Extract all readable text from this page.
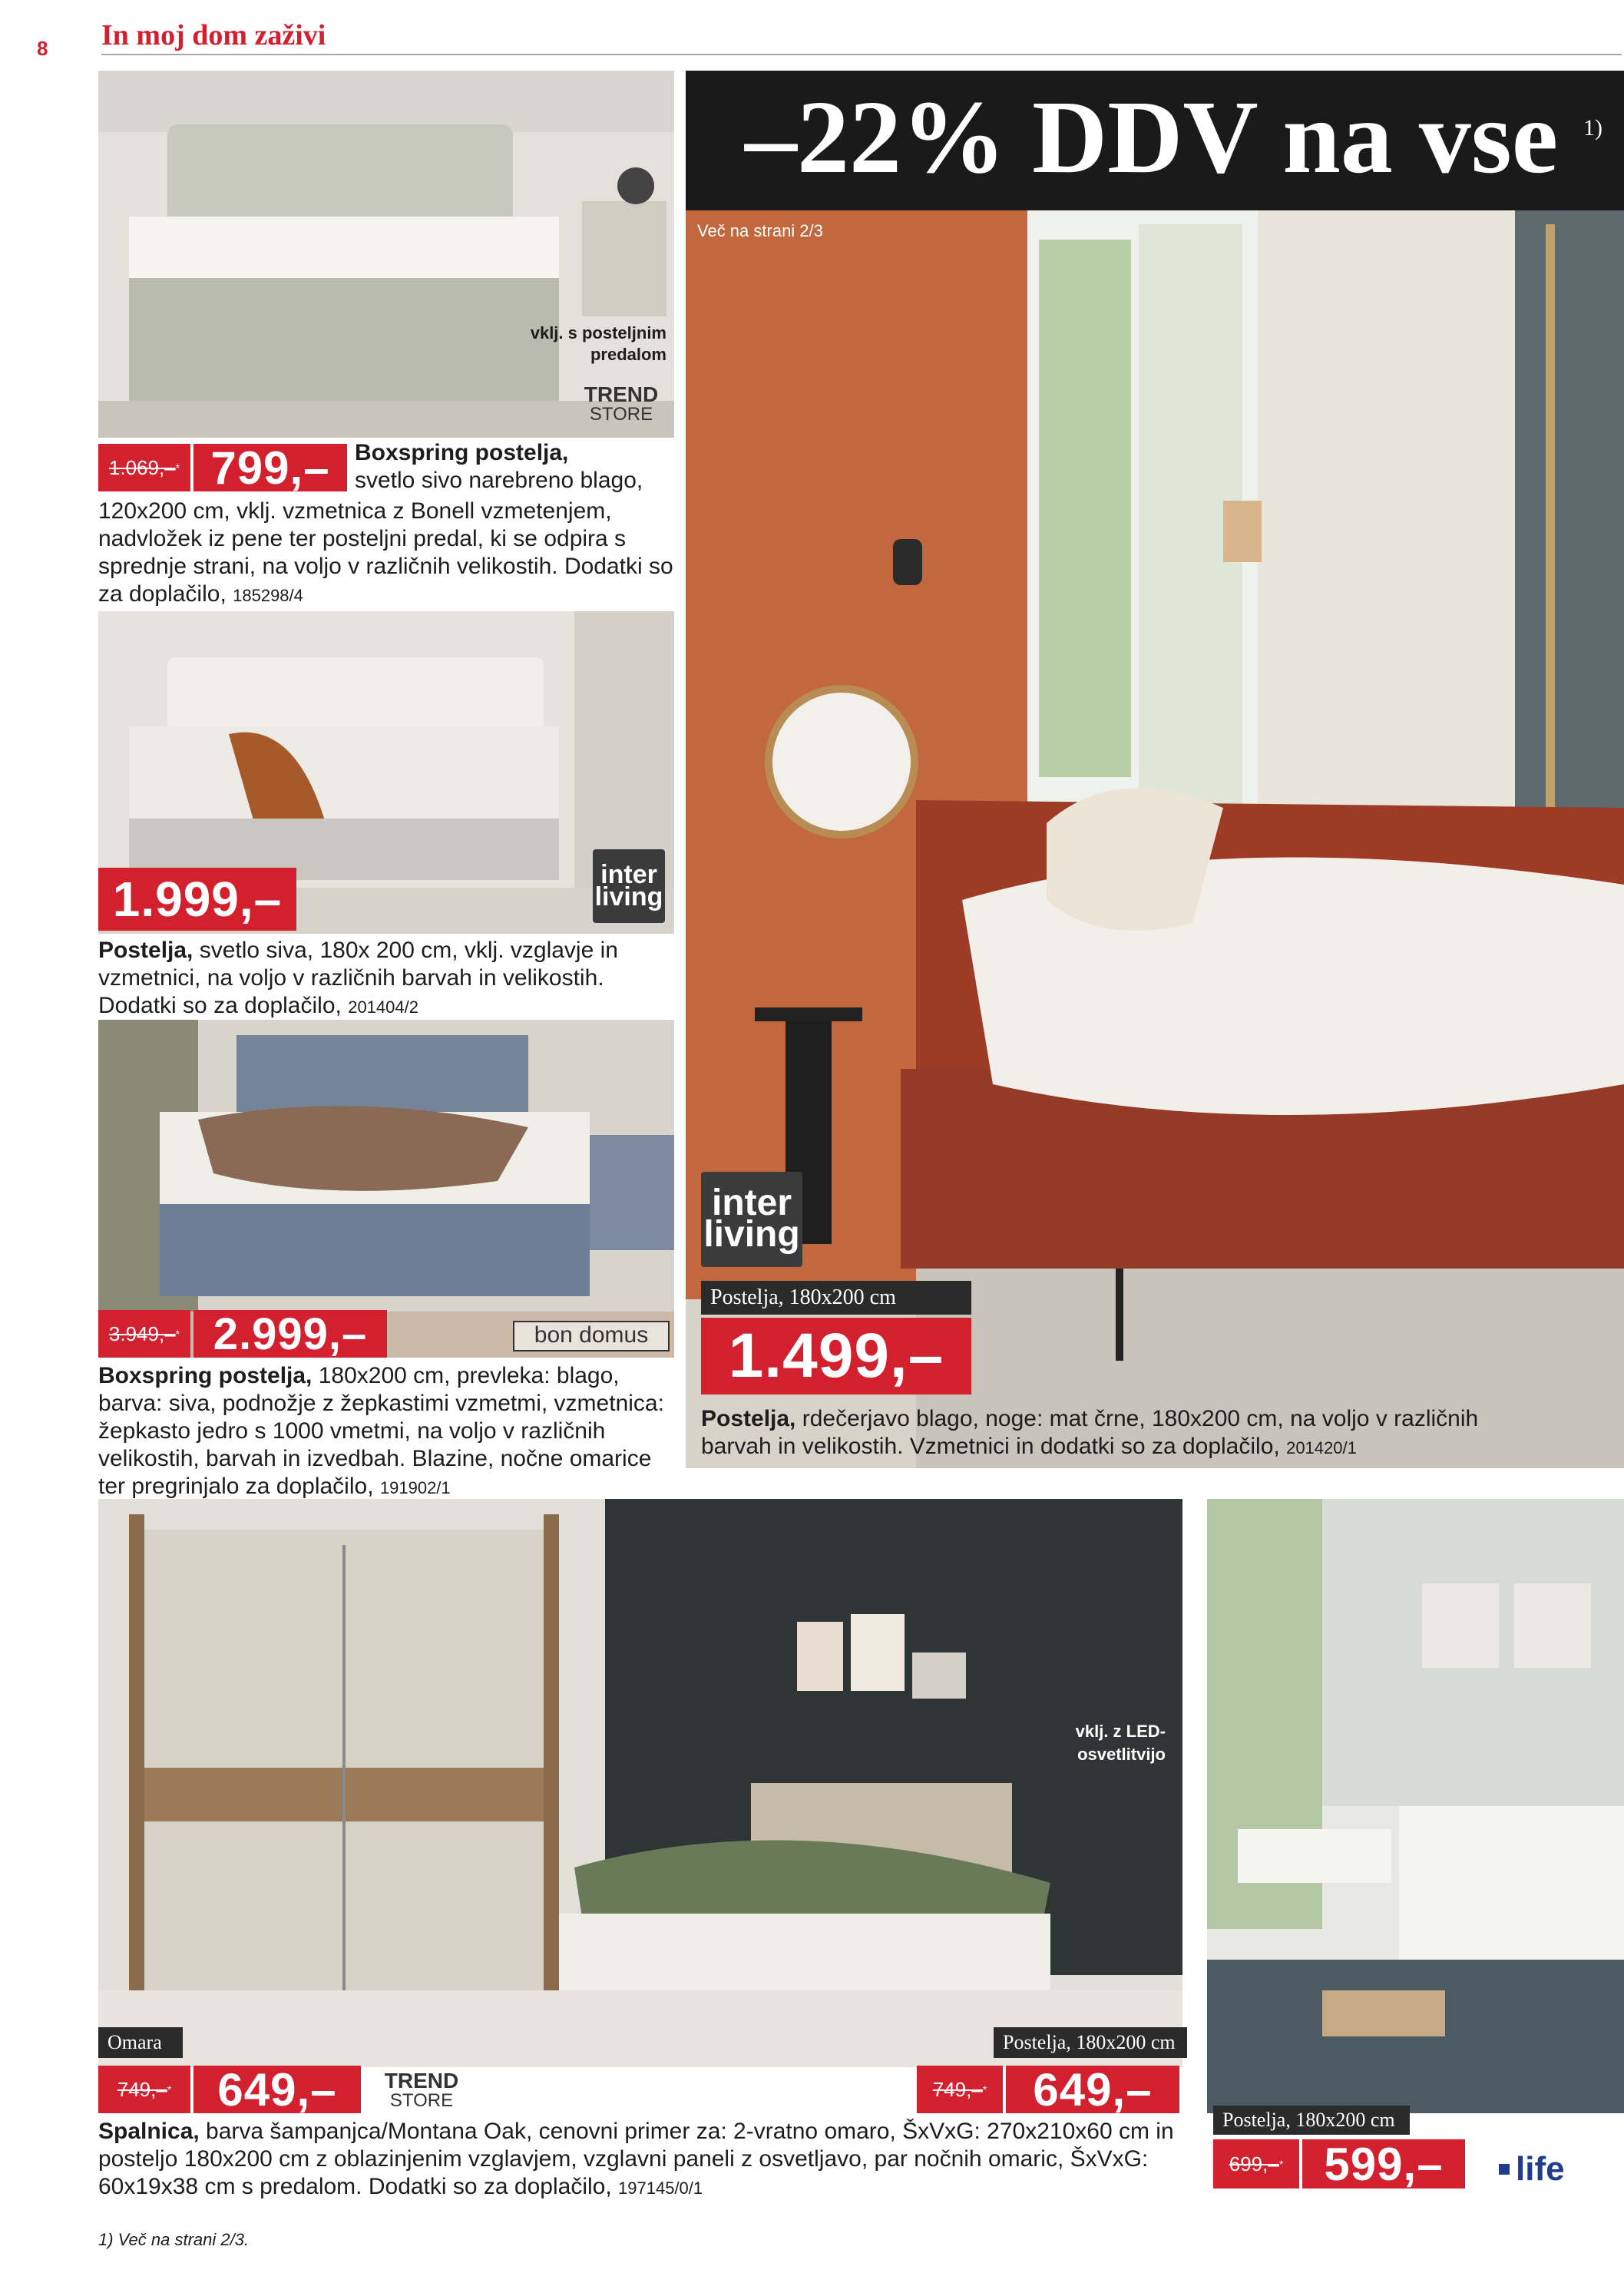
8 In moj dom zaživi
–22% DDV na vse 1)
Več na strani 2/3
inter
living
Postelja, 180x200 cm
1.499,–
Postelja, rdečerjavo blago, noge: mat črne, 180x200 cm, na voljo v različnih barvah in velikostih. Vzmetnici in dodatki so za doplačilo, 201420/1
vklj. s posteljnim predalom
TREND
STORE
1.069,– * 799,–	Boxspring postelja,
svetlo sivo narebreno blago,
120x200 cm, vklj. vzmetnica z Bonell vzmetenjem, nadvložek iz pene ter posteljni predal, ki se odpira s sprednje strani, na voljo v različnih velikostih. Dodatki so za doplačilo, 185298/4
inter
living
1.999,–
Postelja, svetlo siva, 180x 200 cm, vklj. vzglavje in vzmetnici, na voljo v različnih barvah in velikostih. Dodatki so za doplačilo, 201404/2
bon domus
3.949,– * 2.999,–
Boxspring postelja, 180x200 cm, prevleka: blago, barva: siva, podnožje z žepkastimi vzmetmi, vzmetnica: žepkasto jedro s 1000 vmetmi, na voljo v različnih velikostih, barvah in izvedbah. Blazine, nočne omarice ter pregrinjalo za doplačilo, 191902/1
vklj. z LED-osvetlitvijo
Omara	Postelja, 180x200 cm
749,– *	649,–	TREND
STORE	749,– *	649,–
Spalnica, barva šampanjca/Montana Oak, cenovni primer za: 2-vratno omaro, ŠxVxG: 270x210x60 cm in posteljo 180x200 cm z oblazinjenim vzglavjem, vzglavni paneli z osvetljavo, par nočnih omaric, ŠxVxG: 60x19x38 cm s predalom. Dodatki so za doplačilo, 197145/0/1
1) Več na strani 2/3.
Postelja, 180x200 cm
699,– * 599,–	life
